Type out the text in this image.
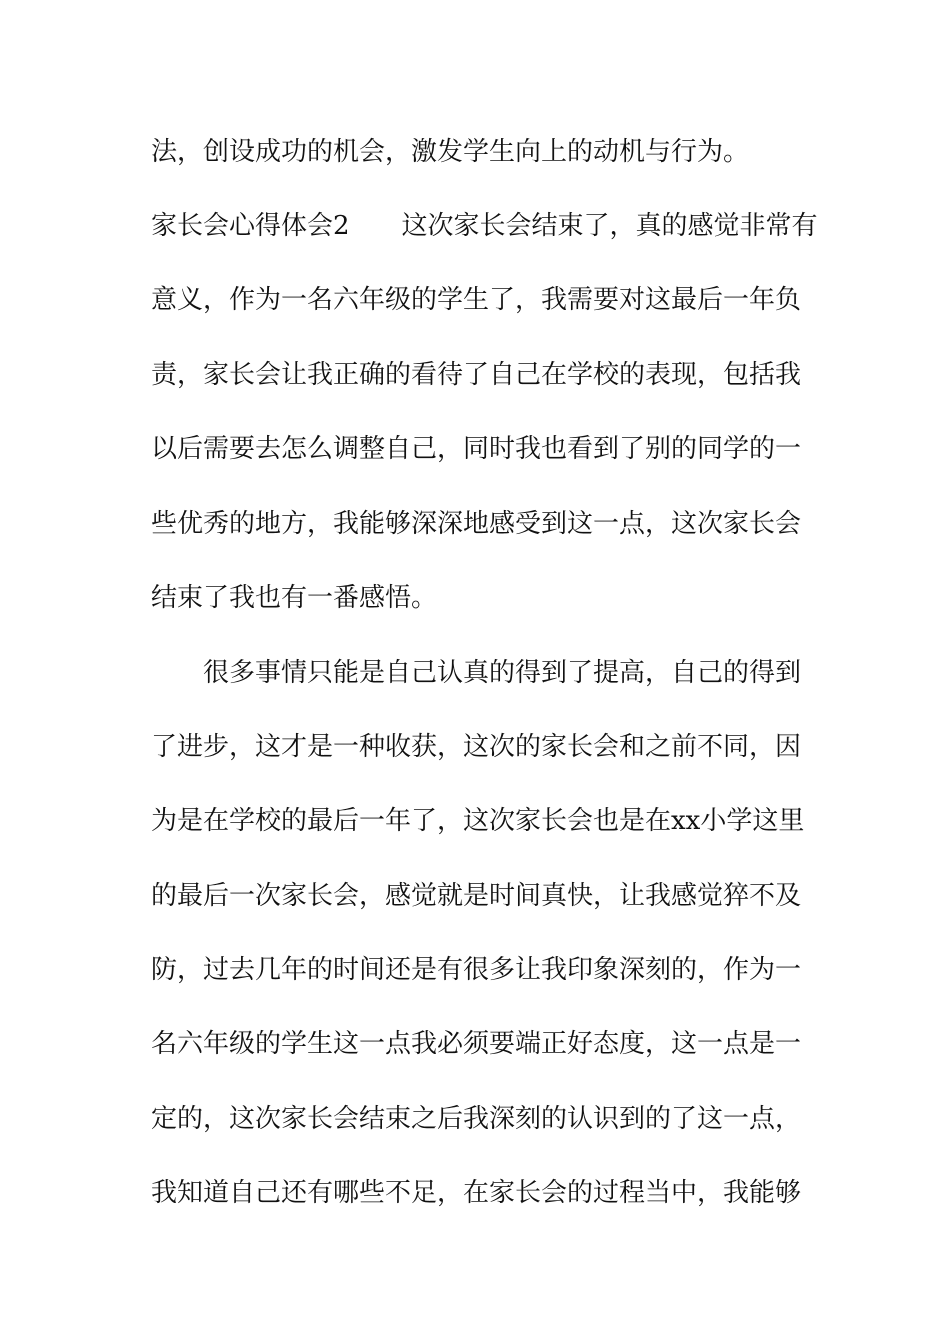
法，创设成功的机会，激发学生向上的动机与行为。
家长会心得体会2　　这次家长会结束了，真的感觉非常有
意义，作为一名六年级的学生了，我需要对这最后一年负
责，家长会让我正确的看待了自己在学校的表现，包括我
以后需要去怎么调整自己，同时我也看到了别的同学的一
些优秀的地方，我能够深深地感受到这一点，这次家长会
结束了我也有一番感悟。
　　很多事情只能是自己认真的得到了提高，自己的得到
了进步，这才是一种收获，这次的家长会和之前不同，因
为是在学校的最后一年了，这次家长会也是在xx小学这里
的最后一次家长会，感觉就是时间真快，让我感觉猝不及
防，过去几年的时间还是有很多让我印象深刻的，作为一
名六年级的学生这一点我必须要端正好态度，这一点是一
定的，这次家长会结束之后我深刻的认识到的了这一点，
我知道自己还有哪些不足，在家长会的过程当中，我能够
